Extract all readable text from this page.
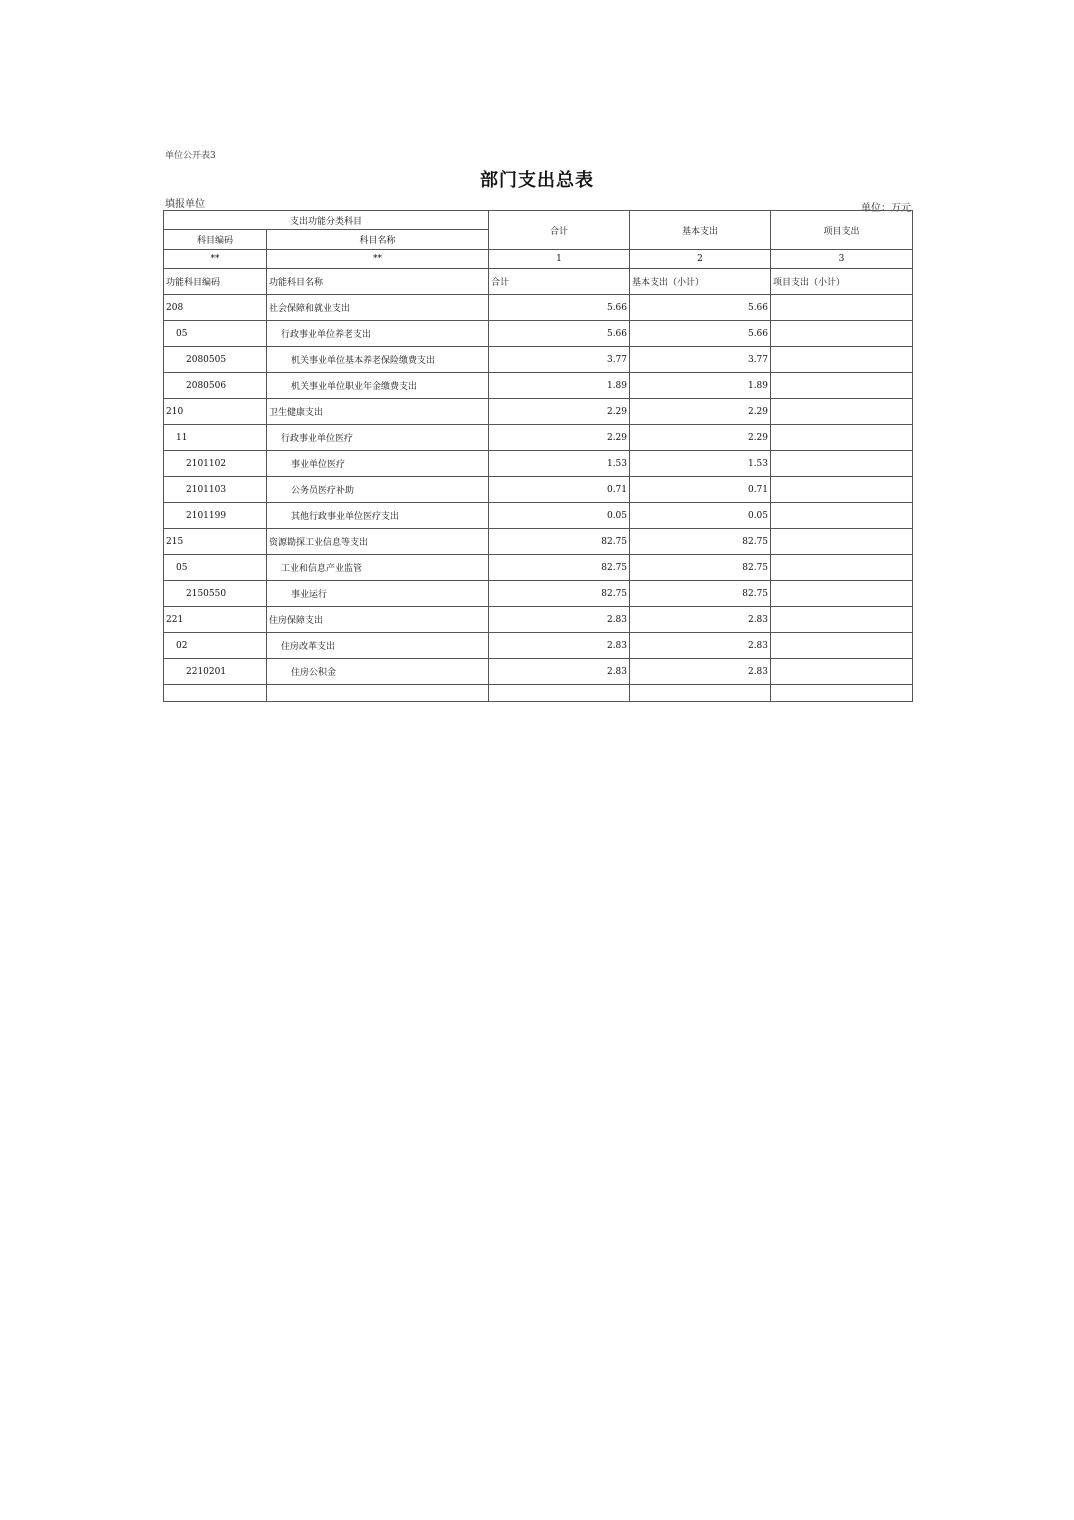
单位公开表3
部门支出总表
填报单位	单位：万元
支出功能分类科目		合计	基本支出	项目支出
科目编码	科目名称			
**	**	1	2	3
功能科目编码	功能科目名称	合计	基本支出（小计）	项目支出（小计）
208	社会保障和就业支出	5.66	5.66	
05	行政事业单位养老支出	5.66	5.66	
2080505	机关事业单位基本养老保险缴费支出	3.77	3.77	
2080506	机关事业单位职业年金缴费支出	1.89	1.89	
210	卫生健康支出	2.29	2.29	
11	行政事业单位医疗	2.29	2.29	
2101102	事业单位医疗	1.53	1.53	
2101103	公务员医疗补助	0.71	0.71	
2101199	其他行政事业单位医疗支出	0.05	0.05	
215	资源勘探工业信息等支出	82.75	82.75	
05	工业和信息产业监管	82.75	82.75	
2150550	事业运行	82.75	82.75	
221	住房保障支出	2.83	2.83	
02	住房改革支出	2.83	2.83	
2210201	住房公积金	2.83	2.83	
